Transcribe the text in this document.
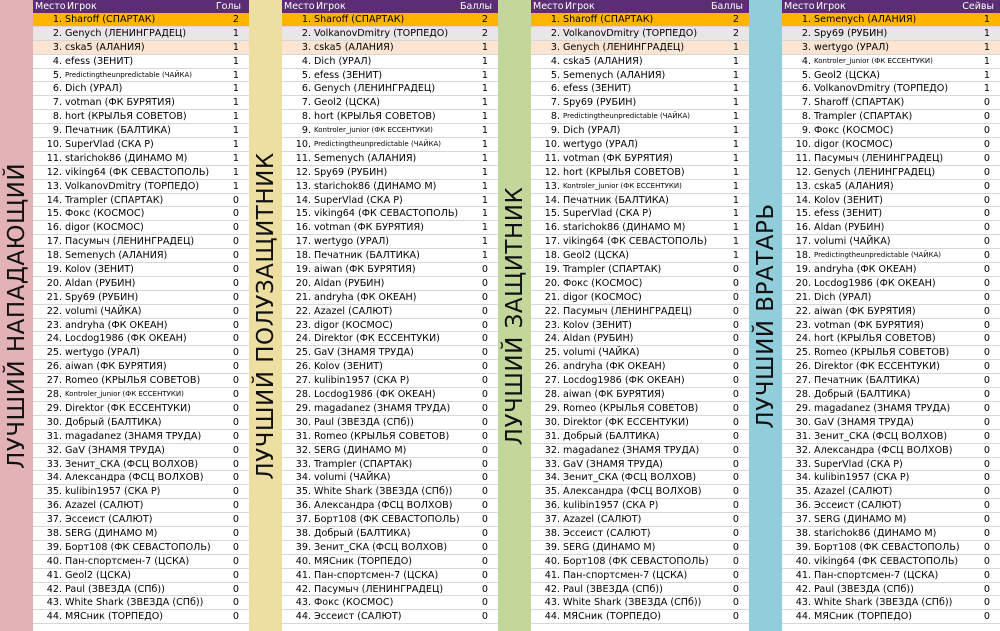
ЛУЧШИЙ НАПАДАЮЩИЙ
Место Игрок	Голы
1. Sharoff (СПАРТАК)	2
2. Genych (ЛЕНИНГРАДЕЦ)	1
3. cska5 (АЛАНИЯ)	1
4. efess (ЗЕНИТ)	1
5. Predictingtheunpredictable (ЧАЙКА)	1
6. Dich (УРАЛ)	1
7. votman (ФК БУРЯТИЯ)	1
8. hort (КРЫЛЬЯ СОВЕТОВ)	1
9. Печатник (БАЛТИКА)	1
10. SuperVlad (СКА Р)	1
11. starichok86 (ДИНАМО М)	1
12. viking64 (ФК СЕВАСТОПОЛЬ) 1
13. VolkanovDmitry (ТОРПЕДО)	1
14. Trampler (СПАРТАК)	0
15. Фокс (КОСМОС)	0
16. digor (КОСМОС)	0
17. Пасумыч (ЛЕНИНГРАДЕЦ)	0
18. Semenych (АЛАНИЯ)	0
19. Kolov (ЗЕНИТ)	0
20. Aldan (РУБИН)	0
21. Spy69 (РУБИН)	0
22. volumi (ЧАЙКА)	0
23. andryha (ФК ОКЕАН)	0
24. Locdog1986 (ФК ОКЕАН)	0
25. wertygo (УРАЛ)	0
26. aiwan (ФК БУРЯТИЯ)	0
27. Romeo (КРЫЛЬЯ СОВЕТОВ)	0
28. Kontroler_junior (ФК ЕССЕНТУКИ)	0
29. Direktor (ФК ЕССЕНТУКИ)	0
30. Добрый (БАЛТИКА)	0
31. magadanez (ЗНАМЯ ТРУДА)	0
32. GaV (ЗНАМЯ ТРУДА)	0
33. Зенит_СКА (ФСЦ ВОЛХОВ)	0
34. Александра (ФСЦ ВОЛХОВ)	0
35. kulibin1957 (СКА Р)	0
36. Azazel (САЛЮТ)	0
37. Эссеист (САЛЮТ)	0
38. SERG (ДИНАМО М)	0
39. Борт108 (ФК СЕВАСТОПОЛЬ) 0
40. Пан-спортсмен-7 (ЦСКА)	0
41. Geol2 (ЦСКА)	0
42. Paul (ЗВЕЗДА (СПб))	0
43. White Shark (ЗВЕЗДА (СПб))	0
44. МЯСник (ТОРПЕДО)	0
ЛУЧШИЙ ПОЛУЗАЩИТНИК
Место Игрок	Баллы
1. Sharoff (СПАРТАК)	2
2. VolkanovDmitry (ТОРПЕДО)	2
3. cska5 (АЛАНИЯ)	1
4. Dich (УРАЛ)	1
5. efess (ЗЕНИТ)	1
6. Genych (ЛЕНИНГРАДЕЦ)	1
7. Geol2 (ЦСКА)	1
8. hort (КРЫЛЬЯ СОВЕТОВ)	1
9. Kontroler_junior (ФК ЕССЕНТУКИ)	1
10. Predictingtheunpredictable (ЧАЙКА)	1
11. Semenych (АЛАНИЯ)	1
12. Spy69 (РУБИН)	1
13. starichok86 (ДИНАМО М)	1
14. SuperVlad (СКА Р)	1
15. viking64 (ФК СЕВАСТОПОЛЬ) 1
16. votman (ФК БУРЯТИЯ)	1
17. wertygo (УРАЛ)	1
18. Печатник (БАЛТИКА)	1
19. aiwan (ФК БУРЯТИЯ)	0
20. Aldan (РУБИН)	0
21. andryha (ФК ОКЕАН)	0
22. Azazel (САЛЮТ)	0
23. digor (КОСМОС)	0
24. Direktor (ФК ЕССЕНТУКИ)	0
25. GaV (ЗНАМЯ ТРУДА)	0
26. Kolov (ЗЕНИТ)	0
27. kulibin1957 (СКА Р)	0
28. Locdog1986 (ФК ОКЕАН)	0
29. magadanez (ЗНАМЯ ТРУДА)	0
30. Paul (ЗВЕЗДА (СПб))	0
31. Romeo (КРЫЛЬЯ СОВЕТОВ)	0
32. SERG (ДИНАМО М)	0
33. Trampler (СПАРТАК)	0
34. volumi (ЧАЙКА)	0
35. White Shark (ЗВЕЗДА (СПб))	0
36. Александра (ФСЦ ВОЛХОВ)	0
37. Борт108 (ФК СЕВАСТОПОЛЬ) 0
38. Добрый (БАЛТИКА)	0
39. Зенит_СКА (ФСЦ ВОЛХОВ)	0
40. МЯСник (ТОРПЕДО)	0
41. Пан-спортсмен-7 (ЦСКА)	0
42. Пасумыч (ЛЕНИНГРАДЕЦ)	0
43. Фокс (КОСМОС)	0
44. Эссеист (САЛЮТ)	0
ЛУЧШИЙ ЗАЩИТНИК
Место Игрок	Баллы
1. Sharoff (СПАРТАК)	2
2. VolkanovDmitry (ТОРПЕДО)	2
3. Genych (ЛЕНИНГРАДЕЦ)	1
4. cska5 (АЛАНИЯ)	1
5. Semenych (АЛАНИЯ)	1
6. efess (ЗЕНИТ)	1
7. Spy69 (РУБИН)	1
8. Predictingtheunpredictable (ЧАЙКА)	1
9. Dich (УРАЛ)	1
10. wertygo (УРАЛ)	1
11. votman (ФК БУРЯТИЯ)	1
12. hort (КРЫЛЬЯ СОВЕТОВ)	1
13. Kontroler_junior (ФК ЕССЕНТУКИ)	1
14. Печатник (БАЛТИКА)	1
15. SuperVlad (СКА Р)	1
16. starichok86 (ДИНАМО М)	1
17. viking64 (ФК СЕВАСТОПОЛЬ)	1
18. Geol2 (ЦСКА)	1
19. Trampler (СПАРТАК)	0
20. Фокс (КОСМОС)	0
21. digor (КОСМОС)	0
22. Пасумыч (ЛЕНИНГРАДЕЦ)	0
23. Kolov (ЗЕНИТ)	0
24. Aldan (РУБИН)	0
25. volumi (ЧАЙКА)	0
26. andryha (ФК ОКЕАН)	0
27. Locdog1986 (ФК ОКЕАН)	0
28. aiwan (ФК БУРЯТИЯ)	0
29. Romeo (КРЫЛЬЯ СОВЕТОВ)	0
30. Direktor (ФК ЕССЕНТУКИ)	0
31. Добрый (БАЛТИКА)	0
32. magadanez (ЗНАМЯ ТРУДА)	0
33. GaV (ЗНАМЯ ТРУДА)	0
34. Зенит_СКА (ФСЦ ВОЛХОВ)	0
35. Александра (ФСЦ ВОЛХОВ)	0
36. kulibin1957 (СКА Р)	0
37. Azazel (САЛЮТ)	0
38. Эссеист (САЛЮТ)	0
39. SERG (ДИНАМО М)	0
40. Борт108 (ФК СЕВАСТОПОЛЬ)	0
41. Пан-спортсмен-7 (ЦСКА)	0
42. Paul (ЗВЕЗДА (СПб))	0
43. White Shark (ЗВЕЗДА (СПб))	0
44. МЯСник (ТОРПЕДО)	0
ЛУЧШИЙ ВРАТАРЬ
Место Игрок	Сейвы
1. Semenych (АЛАНИЯ)	1
2. Spy69 (РУБИН)	1
3. wertygo (УРАЛ)	1
4. Kontroler_junior (ФК ЕССЕНТУКИ)	1
5. Geol2 (ЦСКА)	1
6. VolkanovDmitry (ТОРПЕДО)	1
7. Sharoff (СПАРТАК)	0
8. Trampler (СПАРТАК)	0
9. Фокс (КОСМОС)	0
10. digor (КОСМОС)	0
11. Пасумыч (ЛЕНИНГРАДЕЦ)	0
12. Genych (ЛЕНИНГРАДЕЦ)	0
13. cska5 (АЛАНИЯ)	0
14. Kolov (ЗЕНИТ)	0
15. efess (ЗЕНИТ)	0
16. Aldan (РУБИН)	0
17. volumi (ЧАЙКА)	0
18. Predictingtheunpredictable (ЧАЙКА)	0
19. andryha (ФК ОКЕАН)	0
20. Locdog1986 (ФК ОКЕАН)	0
21. Dich (УРАЛ)	0
22. aiwan (ФК БУРЯТИЯ)	0
23. votman (ФК БУРЯТИЯ)	0
24. hort (КРЫЛЬЯ СОВЕТОВ)	0
25. Romeo (КРЫЛЬЯ СОВЕТОВ)	0
26. Direktor (ФК ЕССЕНТУКИ)	0
27. Печатник (БАЛТИКА)	0
28. Добрый (БАЛТИКА)	0
29. magadanez (ЗНАМЯ ТРУДА)	0
30. GaV (ЗНАМЯ ТРУДА)	0
31. Зенит_СКА (ФСЦ ВОЛХОВ)	0
32. Александра (ФСЦ ВОЛХОВ)	0
33. SuperVlad (СКА Р)	0
34. kulibin1957 (СКА Р)	0
35. Azazel (САЛЮТ)	0
36. Эссеист (САЛЮТ)	0
37. SERG (ДИНАМО М)	0
38. starichok86 (ДИНАМО М)	0
39. Борт108 (ФК СЕВАСТОПОЛЬ)	0
40. viking64 (ФК СЕВАСТОПОЛЬ)	0
41. Пан-спортсмен-7 (ЦСКА)	0
42. Paul (ЗВЕЗДА (СПб))	0
43. White Shark (ЗВЕЗДА (СПб))	0
44. МЯСник (ТОРПЕДО)	0
